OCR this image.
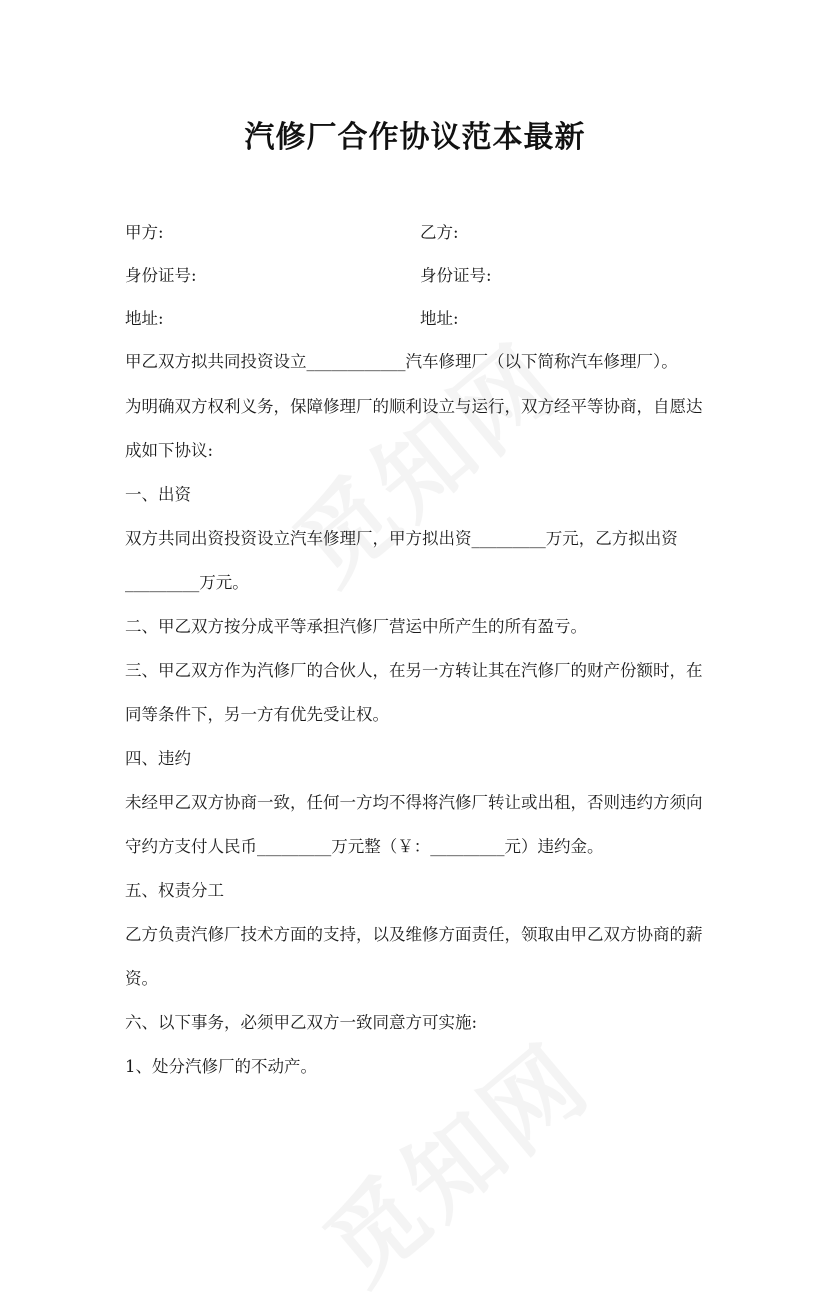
汽修厂合作协议范本最新
甲方:	乙方:
身份证号:	身份证号:
地址:	地址:
甲乙双方拟共同投资设立____________汽车修理厂（以下简称汽车修理厂）。
为明确双方权利义务，保障修理厂的顺利设立与运行，双方经平等协商，自愿达
成如下协议:
一、出资
双方共同出资投资设立汽车修理厂，甲方拟出资_________万元，乙方拟出资
_________万元。
二、甲乙双方按分成平等承担汽修厂营运中所产生的所有盈亏。
三、甲乙双方作为汽修厂的合伙人，在另一方转让其在汽修厂的财产份额时，在
同等条件下，另一方有优先受让权。
四、违约
未经甲乙双方协商一致，任何一方均不得将汽修厂转让或出租，否则违约方须向
守约方支付人民币_________万元整（￥：_________元）违约金。
五、权责分工
乙方负责汽修厂技术方面的支持，以及维修方面责任，领取由甲乙双方协商的薪
资。
六、以下事务，必须甲乙双方一致同意方可实施:
1、处分汽修厂的不动产。
